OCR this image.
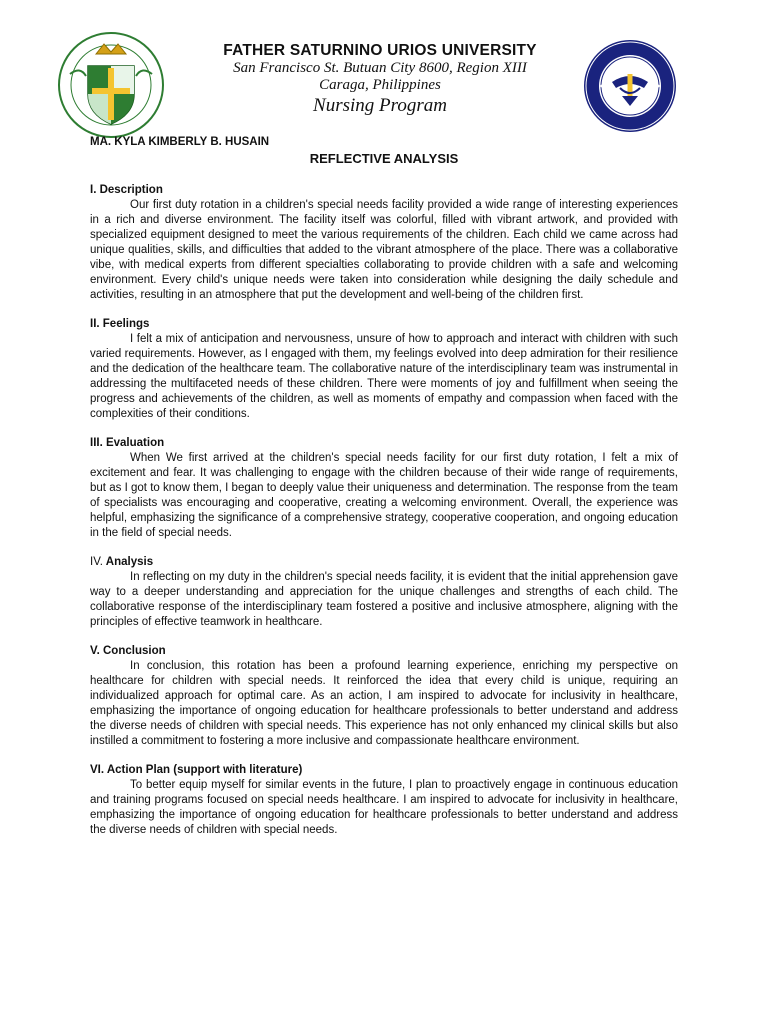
FATHER SATURNINO URIOS UNIVERSITY
San Francisco St. Butuan City 8600, Region XIII
Caraga, Philippines
Nursing Program
MA. KYLA KIMBERLY B. HUSAIN
REFLECTIVE ANALYSIS
I. Description
Our first duty rotation in a children's special needs facility provided a wide range of interesting experiences in a rich and diverse environment. The facility itself was colorful, filled with vibrant artwork, and provided with specialized equipment designed to meet the various requirements of the children. Each child we came across had unique qualities, skills, and difficulties that added to the vibrant atmosphere of the place. There was a collaborative vibe, with medical experts from different specialties collaborating to provide children with a safe and welcoming environment. Every child's unique needs were taken into consideration while designing the daily schedule and activities, resulting in an atmosphere that put the development and well-being of the children first.
II. Feelings
I felt a mix of anticipation and nervousness, unsure of how to approach and interact with children with such varied requirements. However, as I engaged with them, my feelings evolved into deep admiration for their resilience and the dedication of the healthcare team. The collaborative nature of the interdisciplinary team was instrumental in addressing the multifaceted needs of these children. There were moments of joy and fulfillment when seeing the progress and achievements of the children, as well as moments of empathy and compassion when faced with the complexities of their conditions.
III. Evaluation
When We first arrived at the children's special needs facility for our first duty rotation, I felt a mix of excitement and fear. It was challenging to engage with the children because of their wide range of requirements, but as I got to know them, I began to deeply value their uniqueness and determination. The response from the team of specialists was encouraging and cooperative, creating a welcoming environment. Overall, the experience was helpful, emphasizing the significance of a comprehensive strategy, cooperative cooperation, and ongoing education in the field of special needs.
IV. Analysis
In reflecting on my duty in the children's special needs facility, it is evident that the initial apprehension gave way to a deeper understanding and appreciation for the unique challenges and strengths of each child. The collaborative response of the interdisciplinary team fostered a positive and inclusive atmosphere, aligning with the principles of effective teamwork in healthcare.
V. Conclusion
In conclusion, this rotation has been a profound learning experience, enriching my perspective on healthcare for children with special needs. It reinforced the idea that every child is unique, requiring an individualized approach for optimal care. As an action, I am inspired to advocate for inclusivity in healthcare, emphasizing the importance of ongoing education for healthcare professionals to better understand and address the diverse needs of children with special needs. This experience has not only enhanced my clinical skills but also instilled a commitment to fostering a more inclusive and compassionate healthcare environment.
VI. Action Plan (support with literature)
To better equip myself for similar events in the future, I plan to proactively engage in continuous education and training programs focused on special needs healthcare. I am inspired to advocate for inclusivity in healthcare, emphasizing the importance of ongoing education for healthcare professionals to better understand and address the diverse needs of children with special needs.
